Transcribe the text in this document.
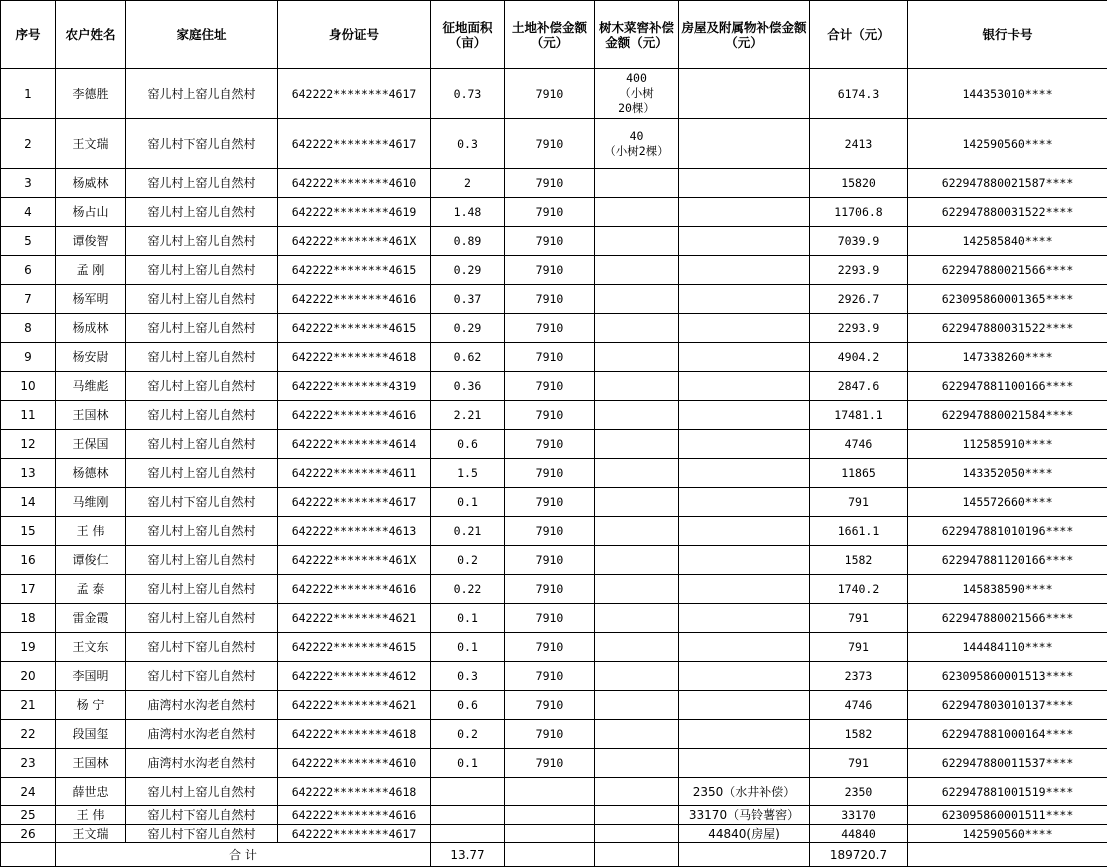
序号	农户姓名	家庭住址	身份证号	征地面积（亩）	土地补偿金额（元）	树木菜窖补偿金额（元）	房屋及附属物补偿金额（元）	合计（元）	银行卡号
1	李德胜	窑儿村上窑儿自然村	642222********4617	0.73	7910	400
（小树
20棵）		6174.3	144353010****
2	王文瑞	窑儿村下窑儿自然村	642222********4617	0.3	7910	40
（小树2棵）		2413	142590560****
3	杨威林	窑儿村上窑儿自然村	642222********4610	2	7910			15820	622947880021587****
4	杨占山	窑儿村上窑儿自然村	642222********4619	1.48	7910			11706.8	622947880031522****
5	谭俊智	窑儿村上窑儿自然村	642222********461X	0.89	7910			7039.9	142585840****
6	孟 刚	窑儿村上窑儿自然村	642222********4615	0.29	7910			2293.9	622947880021566****
7	杨军明	窑儿村上窑儿自然村	642222********4616	0.37	7910			2926.7	623095860001365****
8	杨成林	窑儿村上窑儿自然村	642222********4615	0.29	7910			2293.9	622947880031522****
9	杨安尉	窑儿村上窑儿自然村	642222********4618	0.62	7910			4904.2	147338260****
10	马维彪	窑儿村上窑儿自然村	642222********4319	0.36	7910			2847.6	622947881100166****
11	王国林	窑儿村上窑儿自然村	642222********4616	2.21	7910			17481.1	622947880021584****
12	王保国	窑儿村上窑儿自然村	642222********4614	0.6	7910			4746	112585910****
13	杨德林	窑儿村上窑儿自然村	642222********4611	1.5	7910			11865	143352050****
14	马维刚	窑儿村下窑儿自然村	642222********4617	0.1	7910			791	145572660****
15	王 伟	窑儿村上窑儿自然村	642222********4613	0.21	7910			1661.1	622947881010196****
16	谭俊仁	窑儿村上窑儿自然村	642222********461X	0.2	7910			1582	622947881120166****
17	孟 泰	窑儿村上窑儿自然村	642222********4616	0.22	7910			1740.2	145838590****
18	雷金霞	窑儿村上窑儿自然村	642222********4621	0.1	7910			791	622947880021566****
19	王文东	窑儿村下窑儿自然村	642222********4615	0.1	7910			791	144484110****
20	李国明	窑儿村下窑儿自然村	642222********4612	0.3	7910			2373	623095860001513****
21	杨 宁	庙湾村水沟老自然村	642222********4621	0.6	7910			4746	622947803010137****
22	段国玺	庙湾村水沟老自然村	642222********4618	0.2	7910			1582	622947881000164****
23	王国林	庙湾村水沟老自然村	642222********4610	0.1	7910			791	622947880011537****
24	薛世忠	窑儿村上窑儿自然村	642222********4618				2350（水井补偿）	2350	622947881001519****
25	王 伟	窑儿村下窑儿自然村	642222********4616				33170（马铃薯窖）	33170	623095860001511****
26	王文瑞	窑儿村下窑儿自然村	642222********4617				44840(房屋)	44840	142590560****
	合 计			13.77				189720.7	
